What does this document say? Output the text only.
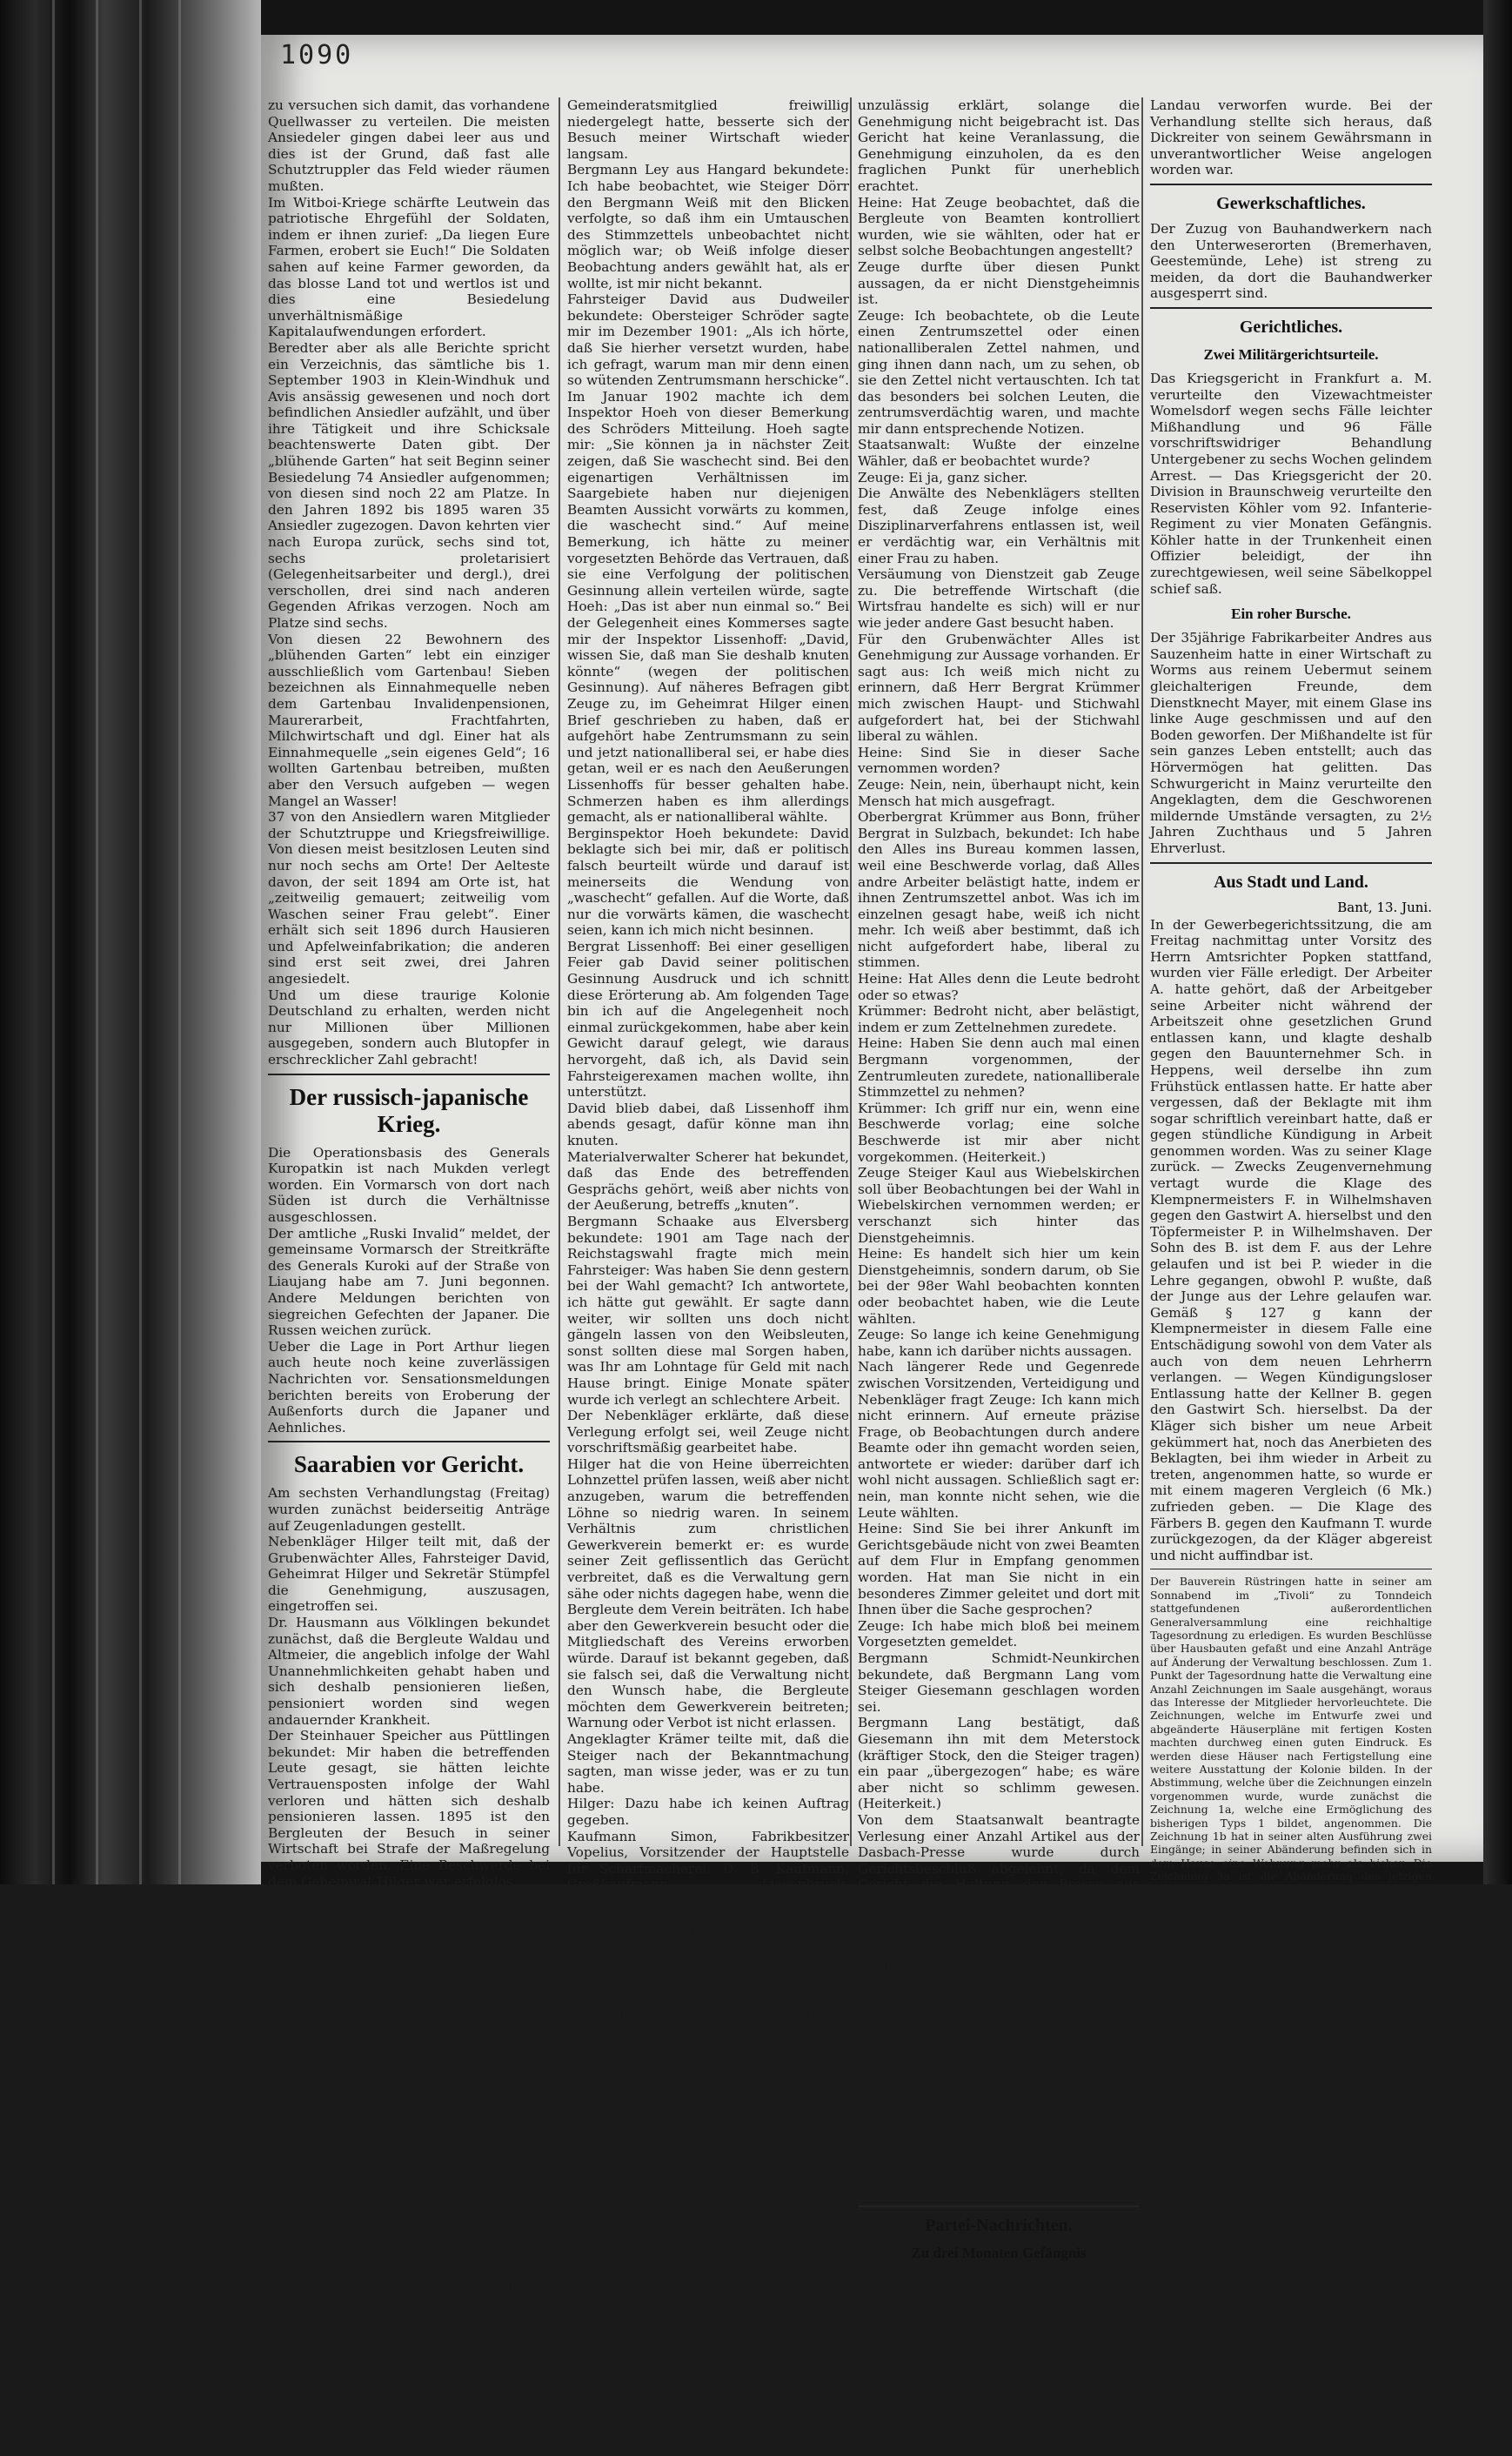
1090

zu versuchen sich damit, das vorhandene Quellwasser zu verteilen. Die meisten Ansiedeler gingen dabei leer aus und dies ist der Grund, daß fast alle Schutztruppler das Feld wieder räumen mußten.

Im Witboi-Kriege schärfte Leutwein das patriotische Ehrgefühl der Soldaten, indem er ihnen zurief: „Da liegen Eure Farmen, erobert sie Euch!“ Die Soldaten sahen auf keine Farmer geworden, da das blosse Land tot und wertlos ist und dies eine Besiedelung unverhältnismäßige Kapitalaufwendungen erfordert.

Beredter aber als alle Berichte spricht ein Verzeichnis, das sämtliche bis 1. September 1903 in Klein-Windhuk und Avis ansässig gewesenen und noch dort befindlichen Ansiedler aufzählt, und über ihre Tätigkeit und ihre Schicksale beachtenswerte Daten gibt. Der „blühende Garten“ hat seit Beginn seiner Besiedelung 74 Ansiedler aufgenommen; von diesen sind noch 22 am Platze. In den Jahren 1892 bis 1895 waren 35 Ansiedler zugezogen. Davon kehrten vier nach Europa zurück, sechs sind tot, sechs proletarisiert (Gelegenheitsarbeiter und dergl.), drei verschollen, drei sind nach anderen Gegenden Afrikas verzogen. Noch am Platze sind sechs.

Von diesen 22 Bewohnern des „blühenden Garten“ lebt ein einziger ausschließlich vom Gartenbau! Sieben bezeichnen als Einnahmequelle neben dem Gartenbau Invalidenpensionen, Maurerarbeit, Frachtfahrten, Milchwirtschaft und dgl. Einer hat als Einnahmequelle „sein eigenes Geld“; 16 wollten Gartenbau betreiben, mußten aber den Versuch aufgeben — wegen Mangel an Wasser!

37 von den Ansiedlern waren Mitglieder der Schutztruppe und Kriegsfreiwillige. Von diesen meist besitzlosen Leuten sind nur noch sechs am Orte! Der Aelteste davon, der seit 1894 am Orte ist, hat „zeitweilig gemauert; zeitweilig vom Waschen seiner Frau gelebt“. Einer erhält sich seit 1896 durch Hausieren und Apfelweinfabrikation; die anderen sind erst seit zwei, drei Jahren angesiedelt.

Und um diese traurige Kolonie Deutschland zu erhalten, werden nicht nur Millionen über Millionen ausgegeben, sondern auch Blutopfer in erschrecklicher Zahl gebracht!

Der russisch-japanische Krieg.

Die Operationsbasis des Generals Kuropatkin ist nach Mukden verlegt worden. Ein Vormarsch von dort nach Süden ist durch die Verhältnisse ausgeschlossen.

Der amtliche „Ruski Invalid“ meldet, der gemeinsame Vormarsch der Streitkräfte des Generals Kuroki auf der Straße von Liaujang habe am 7. Juni begonnen. Andere Meldungen berichten von siegreichen Gefechten der Japaner. Die Russen weichen zurück.

Ueber die Lage in Port Arthur liegen auch heute noch keine zuverlässigen Nachrichten vor. Sensationsmeldungen berichten bereits von Eroberung der Außenforts durch die Japaner und Aehnliches.

Saarabien vor Gericht.

Am sechsten Verhandlungstag (Freitag) wurden zunächst beiderseitig Anträge auf Zeugenladungen gestellt.

Nebenkläger Hilger teilt mit, daß der Grubenwächter Alles, Fahrsteiger David, Geheimrat Hilger und Sekretär Stümpfel die Genehmigung, auszusagen, eingetroffen sei.

Dr. Hausmann aus Völklingen bekundet zunächst, daß die Bergleute Waldau und Altmeier, die angeblich infolge der Wahl Unannehmlichkeiten gehabt haben und sich deshalb pensionieren ließen, pensioniert worden sind wegen andauernder Krankheit.

Der Steinhauer Speicher aus Püttlingen bekundet: Mir haben die betreffenden Leute gesagt, sie hätten leichte Vertrauensposten infolge der Wahl verloren und hätten sich deshalb pensionieren lassen. 1895 ist den Bergleuten der Besuch in seiner Wirtschaft bei Strafe der Maßregelung verboten worden. Eine Beschwerde bei dem Geheimrat Hilger war erfolglos.

Von Hilger wurde dies zugegeben.

Speicher: Der Bergmann Blum soll für die Spionage in meiner Wirtschaft 20 Mk. vom Geheimrat Hilger erhalten haben.

Hilger: Ich stelle fest, daß nach den Akten die Mutter des Blum um jene Zeit 50 Mk. Unterstützung bekommen hat. Ferner sind die Bergleute vor dem Besuch der Speicherschen Wirtschaft gewarnt worden; ein ausdrückliches Verbot ist nicht ergangen. In dem Lokal lag unter anderem der „Wahre Jacob“ aus.

Speicher: Der „Wahre Jacob“ lag damals nicht auf, wie überhaupt keine sozialdemokratischen Zeitungen; wenn durch jemanden, wie Herr Hilger behauptet, der „Wahre Jacob“ in das Lokal gebracht worden ist, so ohne meine Kenntnis. Ein meist aus Bergleuten bestehender Unterstützungsverein sowie ein Unterstützungsverein hat mein Lokal verlassen, wie die Vorstandsmitglieder sagten, weil sie nicht in meiner Wirtschaft verkehren dürften; die Leute, die in der Versammlung riefen, in meinem Lokal zu bleiben, sind zur Strafe zur Arbeit an die Bahn kommandiert worden, wo sie bedeutend weniger verdienten als sonst (2,50 Mk. bis 2,80 Mk.), und sie mußten bis 42 Schichten im Monat machen. Erst nachdem ich meine Stellung als

Gemeinderatsmitglied freiwillig niedergelegt hatte, besserte sich der Besuch meiner Wirtschaft wieder langsam.

Bergmann Ley aus Hangard bekundete: Ich habe beobachtet, wie Steiger Dörr den Bergmann Weiß mit den Blicken verfolgte, so daß ihm ein Umtauschen des Stimmzettels unbeobachtet nicht möglich war; ob Weiß infolge dieser Beobachtung anders gewählt hat, als er wollte, ist mir nicht bekannt.

Fahrsteiger David aus Dudweiler bekundete: Obersteiger Schröder sagte mir im Dezember 1901: „Als ich hörte, daß Sie hierher versetzt wurden, habe ich gefragt, warum man mir denn einen so wütenden Zentrumsmann herschicke“. Im Januar 1902 machte ich dem Inspektor Hoeh von dieser Bemerkung des Schröders Mitteilung. Hoeh sagte mir: „Sie können ja in nächster Zeit zeigen, daß Sie waschecht sind. Bei den eigenartigen Verhältnissen im Saargebiete haben nur diejenigen Beamten Aussicht vorwärts zu kommen, die waschecht sind.“ Auf meine Bemerkung, ich hätte zu meiner vorgesetzten Behörde das Vertrauen, daß sie eine Verfolgung der politischen Gesinnung allein verteilen würde, sagte Hoeh: „Das ist aber nun einmal so.“ Bei der Gelegenheit eines Kommerses sagte mir der Inspektor Lissenhoff: „David, wissen Sie, daß man Sie deshalb knuten könnte“ (wegen der politischen Gesinnung). Auf näheres Befragen gibt Zeuge zu, im Geheimrat Hilger einen Brief geschrieben zu haben, daß er aufgehört habe Zentrumsmann zu sein und jetzt nationalliberal sei, er habe dies getan, weil er es nach den Aeußerungen Lissenhoffs für besser gehalten habe. Schmerzen haben es ihm allerdings gemacht, als er nationalliberal wählte.

Berginspektor Hoeh bekundete: David beklagte sich bei mir, daß er politisch falsch beurteilt würde und darauf ist meinerseits die Wendung von „waschecht“ gefallen. Auf die Worte, daß nur die vorwärts kämen, die waschecht seien, kann ich mich nicht besinnen.

Bergrat Lissenhoff: Bei einer geselligen Feier gab David seiner politischen Gesinnung Ausdruck und ich schnitt diese Erörterung ab. Am folgenden Tage bin ich auf die Angelegenheit noch einmal zurückgekommen, habe aber kein Gewicht darauf gelegt, wie daraus hervorgeht, daß ich, als David sein Fahrsteigerexamen machen wollte, ihn unterstützt.

David blieb dabei, daß Lissenhoff ihm abends gesagt, dafür könne man ihn knuten.

Materialverwalter Scherer hat bekundet, daß das Ende des betreffenden Gesprächs gehört, weiß aber nichts von der Aeußerung, betreffs „knuten“.

Bergmann Schaake aus Elversberg bekundete: 1901 am Tage nach der Reichstagswahl fragte mich mein Fahrsteiger: Was haben Sie denn gestern bei der Wahl gemacht? Ich antwortete, ich hätte gut gewählt. Er sagte dann weiter, wir sollten uns doch nicht gängeln lassen von den Weibsleuten, sonst sollten diese mal Sorgen haben, was Ihr am Lohntage für Geld mit nach Hause bringt. Einige Monate später wurde ich verlegt an schlechtere Arbeit.

Der Nebenkläger erklärte, daß diese Verlegung erfolgt sei, weil Zeuge nicht vorschriftsmäßig gearbeitet habe.

Hilger hat die von Heine überreichten Lohnzettel prüfen lassen, weiß aber nicht anzugeben, warum die betreffenden Löhne so niedrig waren. In seinem Verhältnis zum christlichen Gewerkverein bemerkt er: es wurde seiner Zeit geflissentlich das Gerücht verbreitet, daß es die Verwaltung gern sähe oder nichts dagegen habe, wenn die Bergleute dem Verein beiträten. Ich habe aber den Gewerkverein besucht oder die Mitgliedschaft des Vereins erworben würde. Darauf ist bekannt gegeben, daß sie falsch sei, daß die Verwaltung nicht den Wunsch habe, die Bergleute möchten dem Gewerkverein beitreten; Warnung oder Verbot ist nicht erlassen.

Angeklagter Krämer teilte mit, daß die Steiger nach der Bekanntmachung sagten, man wisse jeder, was er zu tun habe.

Hilger: Dazu habe ich keinen Auftrag gegeben.

Kaufmann Simon, Fabrikbesitzer Vopelius, Vorsitzender der Hauptstelle für Scharfmacherei, D. B. Kaufmann, Großkaufmann Liesenbruck, Schreinermeister Bürger bekundeten, daß Unregelmäßigkeiten bei der Wahl nicht bemerkt, Beobachtung ausgeschlossen war; sie halten die Lebensverhältnisse der Bergleute für gut; die „Bergmannsdamen“ ihnen es in den letzten Jahren nicht mehr, wie sie wiederum ohne Hut, und trügen Handschuhe am Sonntag.

In der Nachmittags-Sitzung bekundete der frühere Steiger Paulie aus Sulzbach: Mir ist in 1898 von dem Obersteiger Jakob der Befehl geworden, im Wahllokal aufzupassen, ob und wen die Bergleute wählten, es ist der bezügliche Befehl von der Inspektion gekommen.

Der Staatsanwalt beanstandete die weitere Vernehmung, da Zeuge als früherer Beamter nicht das Recht habe, über die Vorgänge, wenn es sich um einen amtlichen Befehl handle, auszusagen ohne Genehmigung der früheren Dienstbehörde (§§ 53 der Strafprozeß-Ordnung).

Nebenkläger gab auf die Frage des Vorsitzenden, ob er etwas dazu zu sagen habe, keine Erklärung ab.

Das Gericht beschloß: Die weitere Vernehmung Paulies darüber, ob ihm von der vorgesetzten Behörde Auftrag geworden ist, die Bergleute bei der Wahl zu beobachten, wird für

unzulässig erklärt, solange die Genehmigung nicht beigebracht ist. Das Gericht hat keine Veranlassung, die Genehmigung einzuholen, da es den fraglichen Punkt für unerheblich erachtet.

Heine: Hat Zeuge beobachtet, daß die Bergleute von Beamten kontrolliert wurden, wie sie wählten, oder hat er selbst solche Beobachtungen angestellt?

Zeuge durfte über diesen Punkt aussagen, da er nicht Dienstgeheimnis ist.

Zeuge: Ich beobachtete, ob die Leute einen Zentrumszettel oder einen nationalliberalen Zettel nahmen, und ging ihnen dann nach, um zu sehen, ob sie den Zettel nicht vertauschten. Ich tat das besonders bei solchen Leuten, die zentrumsverdächtig waren, und machte mir dann entsprechende Notizen.

Staatsanwalt: Wußte der einzelne Wähler, daß er beobachtet wurde?

Zeuge: Ei ja, ganz sicher.

Die Anwälte des Nebenklägers stellten fest, daß Zeuge infolge eines Disziplinarverfahrens entlassen ist, weil er verdächtig war, ein Verhältnis mit einer Frau zu haben.

Versäumung von Dienstzeit gab Zeuge zu. Die betreffende Wirtschaft (die Wirtsfrau handelte es sich) will er nur wie jeder andere Gast besucht haben.

Für den Grubenwächter Alles ist Genehmigung zur Aussage vorhanden. Er sagt aus: Ich weiß mich nicht zu erinnern, daß Herr Bergrat Krümmer mich zwischen Haupt- und Stichwahl aufgefordert hat, bei der Stichwahl liberal zu wählen.

Heine: Sind Sie in dieser Sache vernommen worden?

Zeuge: Nein, nein, überhaupt nicht, kein Mensch hat mich ausgefragt.

Oberbergrat Krümmer aus Bonn, früher Bergrat in Sulzbach, bekundet: Ich habe den Alles ins Bureau kommen lassen, weil eine Beschwerde vorlag, daß Alles andre Arbeiter belästigt hatte, indem er ihnen Zentrumszettel anbot. Was ich im einzelnen gesagt habe, weiß ich nicht mehr. Ich weiß aber bestimmt, daß ich nicht aufgefordert habe, liberal zu stimmen.

Heine: Hat Alles denn die Leute bedroht oder so etwas?

Krümmer: Bedroht nicht, aber belästigt, indem er zum Zettelnehmen zuredete.

Heine: Haben Sie denn auch mal einen Bergmann vorgenommen, der Zentrumleuten zuredete, nationalliberale Stimmzettel zu nehmen?

Krümmer: Ich griff nur ein, wenn eine Beschwerde vorlag; eine solche Beschwerde ist mir aber nicht vorgekommen. (Heiterkeit.)

Zeuge Steiger Kaul aus Wiebelskirchen soll über Beobachtungen bei der Wahl in Wiebelskirchen vernommen werden; er verschanzt sich hinter das Dienstgeheimnis.

Heine: Es handelt sich hier um kein Dienstgeheimnis, sondern darum, ob Sie bei der 98er Wahl beobachten konnten oder beobachtet haben, wie die Leute wählten.

Zeuge: So lange ich keine Genehmigung habe, kann ich darüber nichts aussagen.

Nach längerer Rede und Gegenrede zwischen Vorsitzenden, Verteidigung und Nebenkläger fragt Zeuge: Ich kann mich nicht erinnern. Auf erneute präzise Frage, ob Beobachtungen durch andere Beamte oder ihn gemacht worden seien, antwortete er wieder: darüber darf ich wohl nicht aussagen. Schließlich sagt er: nein, man konnte nicht sehen, wie die Leute wählten.

Heine: Sind Sie bei ihrer Ankunft im Gerichtsgebäude nicht von zwei Beamten auf dem Flur in Empfang genommen worden. Hat man Sie nicht in ein besonderes Zimmer geleitet und dort mit Ihnen über die Sache gesprochen?

Zeuge: Ich habe mich bloß bei meinem Vorgesetzten gemeldet.

Bergmann Schmidt-Neunkirchen bekundete, daß Bergmann Lang vom Steiger Giesemann geschlagen worden sei.

Bergmann Lang bestätigt, daß Giesemann ihn mit dem Meterstock (kräftiger Stock, den die Steiger tragen) ein paar „übergezogen“ habe; es wäre aber nicht so schlimm gewesen. (Heiterkeit.)

Von dem Staatsanwalt beantragte Verlesung einer Anzahl Artikel aus der Dasbach-Presse wurde durch Gerichtsbeschluß abgelehnt, da dem Gericht die Haltung der Presse aus eigener Anschauung bekannt sei. Der Vertreter des Nebenklägers sagte, die Aussage Paulis, die Inspektion habe die Kontrolle bei der Wahl angeordnet, komme sie nicht unwidersprochen hingehen lassen, weshalb sie den Bergrat Krümmer zu morgen früh laden würden.

Heine: Ich teile mit, daß ich auch für Pauli die Genehmigung zur vollen Aussage haben möchte. (Zum Vertreter des Nebenklägers): Wollen Sie die mitbesorgen, Herr Kollege?

Rechtsanwalt Trier: Ich möchte nicht in Ihre Befugnisse eingreifen, Herr Kollege.

Am Sonnabend wurde die Vernehmung der Zeugen zu Ende geführt. Der Staatsanwalt beantragte 6 Monate Gefängnis.

Partei-Nachrichten.
Zu drei Monaten Gefängnis

war Genosse Dickreiter, der Redakteur der „Pfälzischen Post“, wegen Beleidigung eines Oberamtsrichters vom Schöffengericht verurteilt worden. Er legte Berufung ein, die aber von der Strafkammer zu

Landau verworfen wurde. Bei der Verhandlung stellte sich heraus, daß Dickreiter von seinem Gewährsmann in unverantwortlicher Weise angelogen worden war.

Gewerkschaftliches.

Der Zuzug von Bauhandwerkern nach den Unterweserorten (Bremerhaven, Geestemünde, Lehe) ist streng zu meiden, da dort die Bauhandwerker ausgesperrt sind.

Gerichtliches.
Zwei Militärgerichtsurteile.

Das Kriegsgericht in Frankfurt a. M. verurteilte den Vizewachtmeister Womelsdorf wegen sechs Fälle leichter Mißhandlung und 96 Fälle vorschriftswidriger Behandlung Untergebener zu sechs Wochen gelindem Arrest. — Das Kriegsgericht der 20. Division in Braunschweig verurteilte den Reservisten Köhler vom 92. Infanterie-Regiment zu vier Monaten Gefängnis. Köhler hatte in der Trunkenheit einen Offizier beleidigt, der ihn zurechtgewiesen, weil seine Säbelkoppel schief saß.

Ein roher Bursche.

Der 35jährige Fabrikarbeiter Andres aus Sauzenheim hatte in einer Wirtschaft zu Worms aus reinem Uebermut seinem gleichalterigen Freunde, dem Dienstknecht Mayer, mit einem Glase ins linke Auge geschmissen und auf den Boden geworfen. Der Mißhandelte ist für sein ganzes Leben entstellt; auch das Hörvermögen hat gelitten. Das Schwurgericht in Mainz verurteilte den Angeklagten, dem die Geschworenen mildernde Umstände versagten, zu 2½ Jahren Zuchthaus und 5 Jahren Ehrverlust.

Aus Stadt und Land.
Bant, 13. Juni.

In der Gewerbegerichtssitzung, die am Freitag nachmittag unter Vorsitz des Herrn Amtsrichter Popken stattfand, wurden vier Fälle erledigt. Der Arbeiter A. hatte gehört, daß der Arbeitgeber seine Arbeiter nicht während der Arbeitszeit ohne gesetzlichen Grund entlassen kann, und klagte deshalb gegen den Bauunternehmer Sch. in Heppens, weil derselbe ihn zum Frühstück entlassen hatte. Er hatte aber vergessen, daß der Beklagte mit ihm sogar schriftlich vereinbart hatte, daß er gegen stündliche Kündigung in Arbeit genommen worden. Was zu seiner Klage zurück. — Zwecks Zeugenvernehmung vertagt wurde die Klage des Klempnermeisters F. in Wilhelmshaven gegen den Gastwirt A. hierselbst und den Töpfermeister P. in Wilhelmshaven. Der Sohn des B. ist dem F. aus der Lehre gelaufen und ist bei P. wieder in die Lehre gegangen, obwohl P. wußte, daß der Junge aus der Lehre gelaufen war. Gemäß § 127 g kann der Klempnermeister in diesem Falle eine Entschädigung sowohl von dem Vater als auch von dem neuen Lehrherrn verlangen. — Wegen Kündigungsloser Entlassung hatte der Kellner B. gegen den Gastwirt Sch. hierselbst. Da der Kläger sich bisher um neue Arbeit gekümmert hat, noch das Anerbieten des Beklagten, bei ihm wieder in Arbeit zu treten, angenommen hatte, so wurde er mit einem mageren Vergleich (6 Mk.) zufrieden geben. — Die Klage des Färbers B. gegen den Kaufmann T. wurde zurückgezogen, da der Kläger abgereist und nicht auffindbar ist.

Der Bauverein Rüstringen hatte in seiner am Sonnabend im „Tivoli“ zu Tonndeich stattgefundenen außerordentlichen Generalversammlung eine reichhaltige Tagesordnung zu erledigen. Es wurden Beschlüsse über Hausbauten gefaßt und eine Anzahl Anträge auf Änderung der Verwaltung beschlossen. Zum 1. Punkt der Tagesordnung hatte die Verwaltung eine Anzahl Zeichnungen im Saale ausgehängt, woraus das Interesse der Mitglieder hervorleuchtete. Die Zeichnungen, welche im Entwurfe zwei und abgeänderte Häuserpläne mit fertigen Kosten machten durchweg einen guten Eindruck. Es werden diese Häuser nach Fertigstellung eine weitere Ausstattung der Kolonie bilden. In der Abstimmung, welche über die Zeichnungen einzeln vorgenommen wurde, wurde zunächst die Zeichnung 1a, welche eine Ermöglichung des bisherigen Typs 1 bildet, angenommen. Die Zeichnung 1b hat in seiner alten Ausführung zwei Eingänge; in seiner Abänderung befinden sich in dem Hause eine Wohnung mehr als bisher. Die Zeichnung 3a ist die Abänderung des jetzigen Eckhaus-Typs 3. Auch diese Zeichnung hat in seiner alten Form zwei getrennte Eingänge, in seiner Abänderung einen gemeinschaftlichen Eingang. Ebenfalls wurde die Zeichnung, die bisher zwei dreiräumige Wohnungen im Dachstube und zwei vierräumige Wohnungen im Parterre und ersten Stock hat, angenommen. Wohnraum Dachgeschoß ist bei einer vierräumigen Wohnung im Dachgeschoß gewonnen. Der Typ 7 repräsentiert einen ganz neuen Typ, in welchem sich eine Wohnung ohne Keller zugänglich mit dem Trockenplatz im Hause, welches nicht gewünscht wird, befindet; es hat Gelegenheit dazu, auch noch nicht mit den geplanten Bauten bietet, wurde seitens der Versammlung akzeptiert. Sämtliche hier genannten Wohnungen sind versehen mit geräumigen Keller, abgeschlossenem Korridor, Badeeinrichtung, Balkon und Gartenland. Zur Beschlußfassung lag sodann noch eine Zeichnung vor, die genau wie Typ 7a werden soll, die man aber mit höherer Miete und an Stelle eines ganz besonderes Wohnlichen bietet. Desgleichen wurden noch mehrere Anträge, von welchen die Wünsche der Mitglieder auf den Ersuchen des Reichsamts des Innern nach Herstellung billiger Wohnungen erfüllt. Diese Wohnungen zerfallen in einer Anzahl von Räumen abgeschlossene Veranda, Badeeinrichtung, Balkon und Keller. Die Wohnungen seien in der bisherigen gebaut hinsichtlich der Geschmackrichtung und Einrichtung so beschaffen, daß die Genossen sich froh gegangen war. Sämtliche Redner traten jetzt Verwahrung gegen die Wohnung ein, die für die Mietzins zu zahlen, um sich auf Anspruch zu
